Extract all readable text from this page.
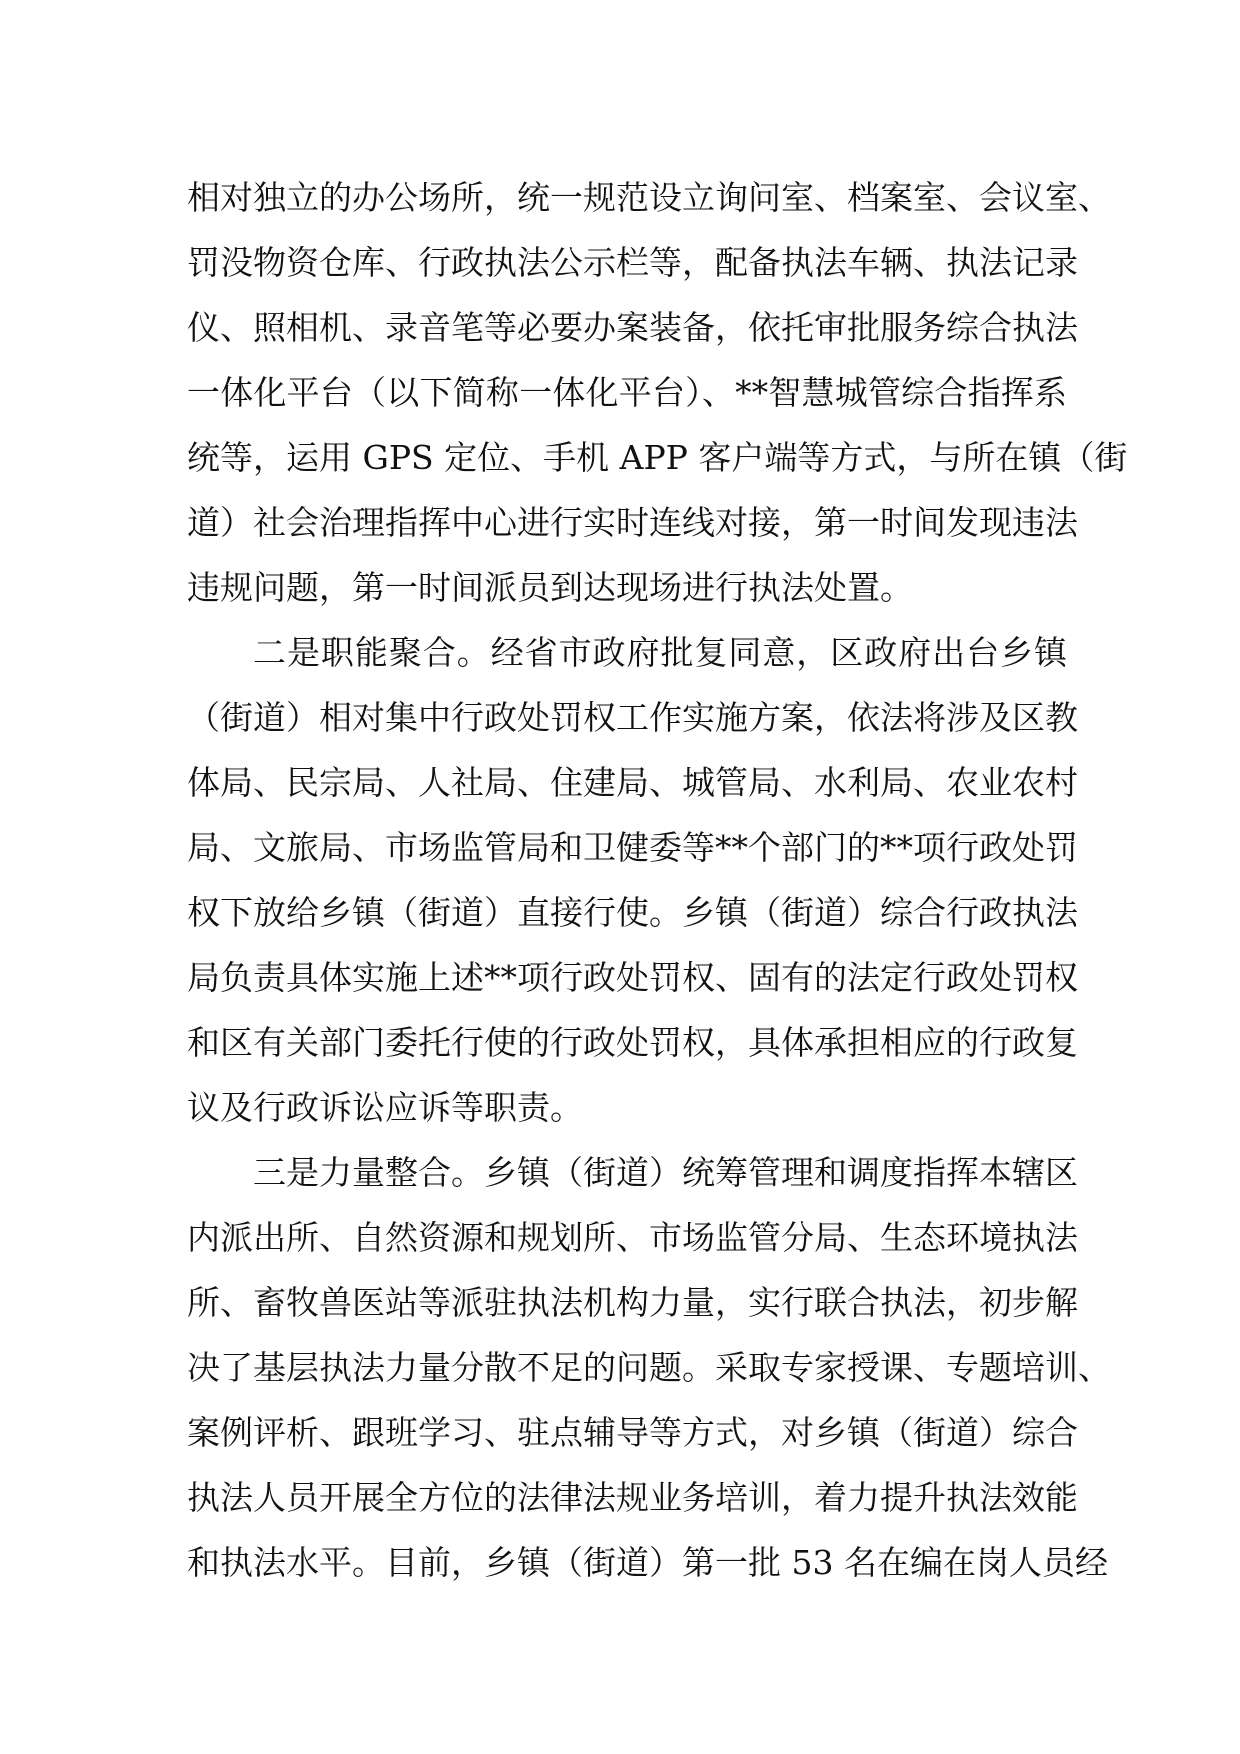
相对独立的办公场所，统一规范设立询问室、档案室、会议室、
罚没物资仓库、行政执法公示栏等，配备执法车辆、执法记录
仪、照相机、录音笔等必要办案装备，依托审批服务综合执法
一体化平台（以下简称一体化平台）、**智慧城管综合指挥系
统等，运用 GPS 定位、手机 APP 客户端等方式，与所在镇（街
道）社会治理指挥中心进行实时连线对接，第一时间发现违法
违规问题，第一时间派员到达现场进行执法处置。
二是职能聚合。经省市政府批复同意，区政府出台乡镇
（街道）相对集中行政处罚权工作实施方案，依法将涉及区教
体局、民宗局、人社局、住建局、城管局、水利局、农业农村
局、文旅局、市场监管局和卫健委等**个部门的**项行政处罚
权下放给乡镇（街道）直接行使。乡镇（街道）综合行政执法
局负责具体实施上述**项行政处罚权、固有的法定行政处罚权
和区有关部门委托行使的行政处罚权，具体承担相应的行政复
议及行政诉讼应诉等职责。
三是力量整合。乡镇（街道）统筹管理和调度指挥本辖区
内派出所、自然资源和规划所、市场监管分局、生态环境执法
所、畜牧兽医站等派驻执法机构力量，实行联合执法，初步解
决了基层执法力量分散不足的问题。采取专家授课、专题培训、
案例评析、跟班学习、驻点辅导等方式，对乡镇（街道）综合
执法人员开展全方位的法律法规业务培训，着力提升执法效能
和执法水平。目前，乡镇（街道）第一批 53 名在编在岗人员经
